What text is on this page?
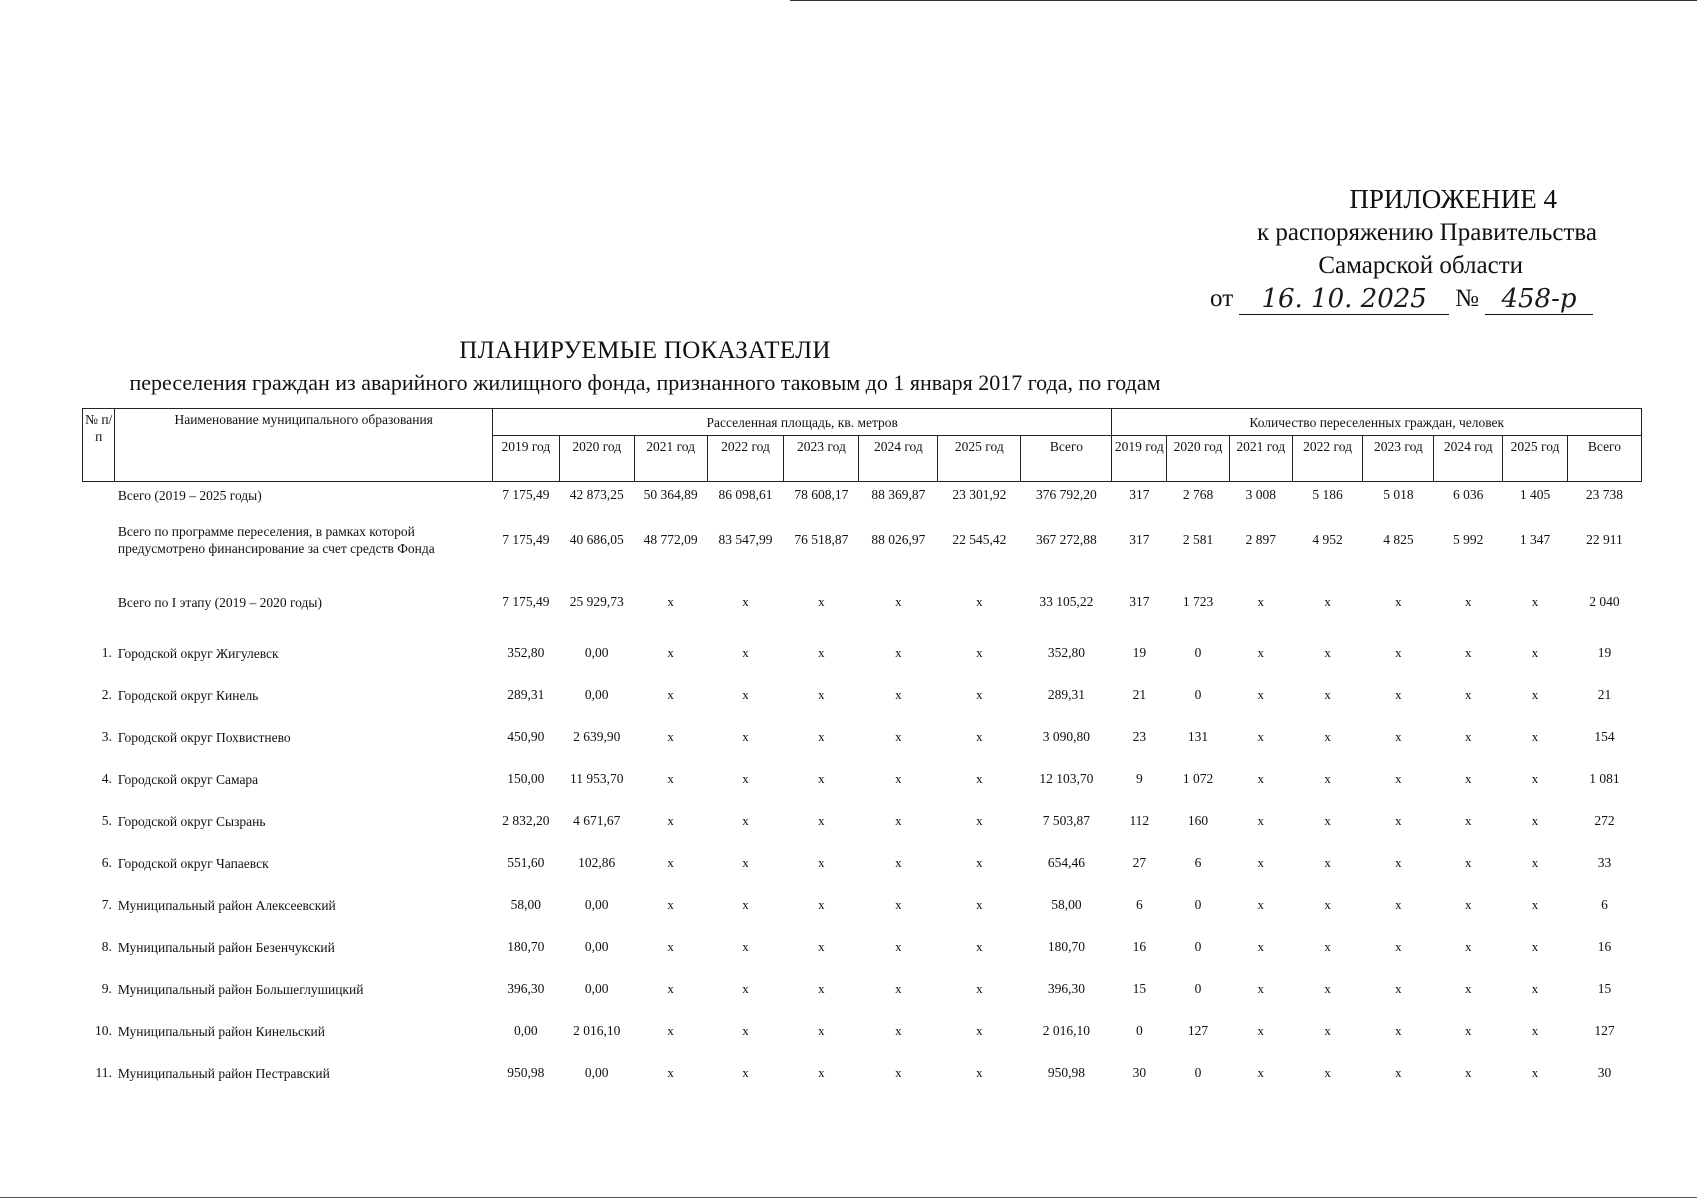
ПРИЛОЖЕНИЕ 4
к распоряжению Правительства
Самарской области
от	16. 10. 2025	№ 458-р
ПЛАНИРУЕМЫЕ ПОКАЗАТЕЛИ
переселения граждан из аварийного жилищного фонда, признанного таковым до 1 января 2017 года, по годам
№ п/п	Наименование муниципального образования	Расселенная площадь, кв. метров								Количество переселенных граждан, человек							
		2019 год	2020 год	2021 год	2022 год	2023 год	2024 год	2025 год	Всего	2019 год	2020 год	2021 год	2022 год	2023 год	2024 год	2025 год	Всего
	Всего (2019 – 2025 годы)	7 175,49	42 873,25	50 364,89	86 098,61	78 608,17	88 369,87	23 301,92	376 792,20	317	2 768	3 008	5 186	5 018	6 036	1 405	23 738
	Всего по программе переселения, в рамках которой предусмотрено финансирование за счет средств Фонда	7 175,49	40 686,05	48 772,09	83 547,99	76 518,87	88 026,97	22 545,42	367 272,88	317	2 581	2 897	4 952	4 825	5 992	1 347	22 911
	Всего по I этапу (2019 – 2020 годы)	7 175,49	25 929,73	x	x	x	x	x	33 105,22	317	1 723	x	x	x	x	x	2 040
1.	Городской округ Жигулевск	352,80	0,00	x	x	x	x	x	352,80	19	0	x	x	x	x	x	19
2.	Городской округ Кинель	289,31	0,00	x	x	x	x	x	289,31	21	0	x	x	x	x	x	21
3.	Городской округ Похвистнево	450,90	2 639,90	x	x	x	x	x	3 090,80	23	131	x	x	x	x	x	154
4.	Городской округ Самара	150,00	11 953,70	x	x	x	x	x	12 103,70	9	1 072	x	x	x	x	x	1 081
5.	Городской округ Сызрань	2 832,20	4 671,67	x	x	x	x	x	7 503,87	112	160	x	x	x	x	x	272
6.	Городской округ Чапаевск	551,60	102,86	x	x	x	x	x	654,46	27	6	x	x	x	x	x	33
7.	Муниципальный район Алексеевский	58,00	0,00	x	x	x	x	x	58,00	6	0	x	x	x	x	x	6
8.	Муниципальный район Безенчукский	180,70	0,00	x	x	x	x	x	180,70	16	0	x	x	x	x	x	16
9.	Муниципальный район Большеглушицкий	396,30	0,00	x	x	x	x	x	396,30	15	0	x	x	x	x	x	15
10.	Муниципальный район Кинельский	0,00	2 016,10	x	x	x	x	x	2 016,10	0	127	x	x	x	x	x	127
11.	Муниципальный район Пестравский	950,98	0,00	x	x	x	x	x	950,98	30	0	x	x	x	x	x	30
